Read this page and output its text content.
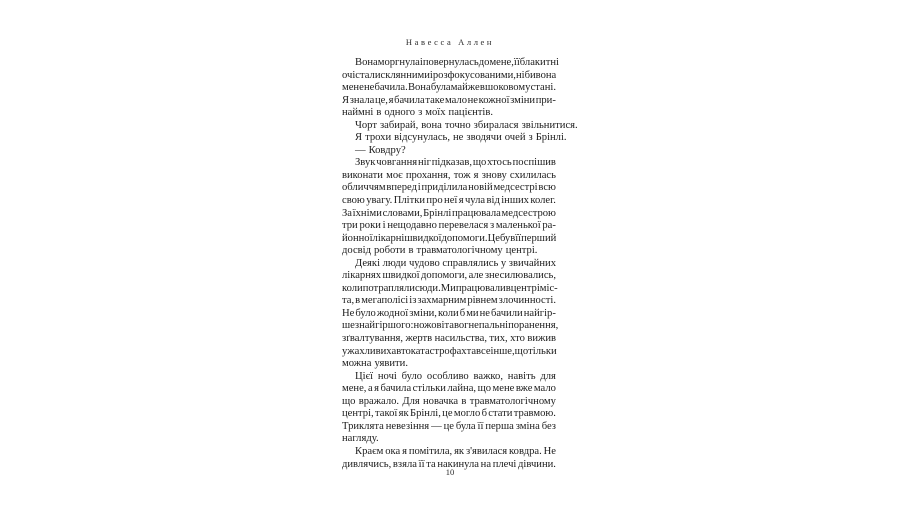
Навесса Аллен
Вона моргнула і повернулась до мене, її блакитні
очі стали склянними і розфокусованими, ніби вона
мене не бачила. Вона була майже в шоковому стані.
Я знала це, я бачила таке мало не кожної зміни при-
наймні в одного з моїх пацієнтів.
Чорт забирай, вона точно збиралася звільнитися.
Я трохи відсунулась, не зводячи очей з Брінлі.
— Ковдру?
Звук човгання ніг підказав, що хтось поспішив
виконати моє прохання, тож я знову схилилась
обличчям вперед і приділила новій медсестрі всю
свою увагу. Плітки про неї я чула від інших колег.
За їхніми словами, Брінлі працювала медсестрою
три роки і нещодавно перевелася з маленької ра-
йонної лікарні швидкої допомоги. Це був її перший
досвід роботи в травматологічному центрі.
Деякі люди чудово справлялись у звичайних
лікарнях швидкої допомоги, але знесилювались,
коли потрапляли сюди. Ми працювали в центрі міс-
та, в мегаполісі із захмарним рівнем злочинності.
Не було жодної зміни, коли б ми не бачили найгір-
ше з найгіршого: ножові та вогнепальні поранення,
зґвалтування, жертв насильства, тих, хто вижив
у жахливих автокатастрофах та все інше, що тільки
можна уявити.
Цієї ночі було особливо важко, навіть для
мене, а я бачила стільки лайна, що мене вже мало
що вражало. Для новачка в травматологічному
центрі, такої як Брінлі, це могло б стати травмою.
Триклята невезіння — це була її перша зміна без
нагляду.
Краєм ока я помітила, як з'явилася ковдра. Не
дивлячись, взяла її та накинула на плечі дівчини.
10
